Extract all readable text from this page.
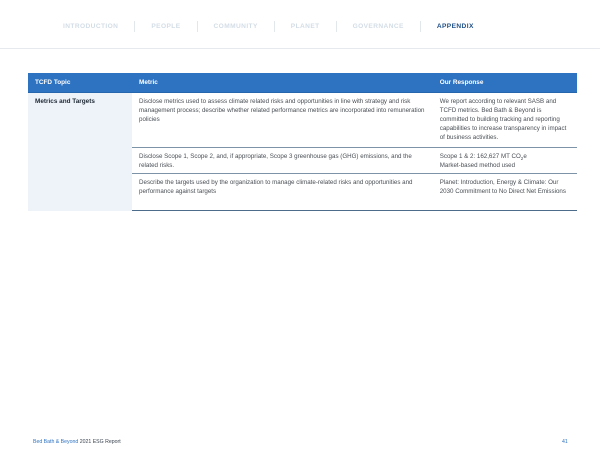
INTRODUCTION	PEOPLE	COMMUNITY	PLANET	GOVERNANCE	APPENDIX
TCFD Topic	Metric	Our Response
Metrics and Targets	Disclose metrics used to assess climate related risks and opportunities in line with strategy and risk management process; describe whether related performance metrics are incorporated into remuneration policies	We report according to relevant SASB and TCFD metrics. Bed Bath & Beyond is committed to building tracking and reporting capabilities to increase transparency in impact of business activities.
	Disclose Scope 1, Scope 2, and, if appropriate, Scope 3 greenhouse gas (GHG) emissions, and the related risks.	Scope 1 & 2: 162,627 MT $CO_2e$
Market-based method used
	Describe the targets used by the organization to manage climate-related risks and opportunities and performance against targets	Planet: Introduction, Energy & Climate: Our 2030 Commitment to No Direct Net Emissions
Bed Bath & Beyond 2021 ESG Report	41
